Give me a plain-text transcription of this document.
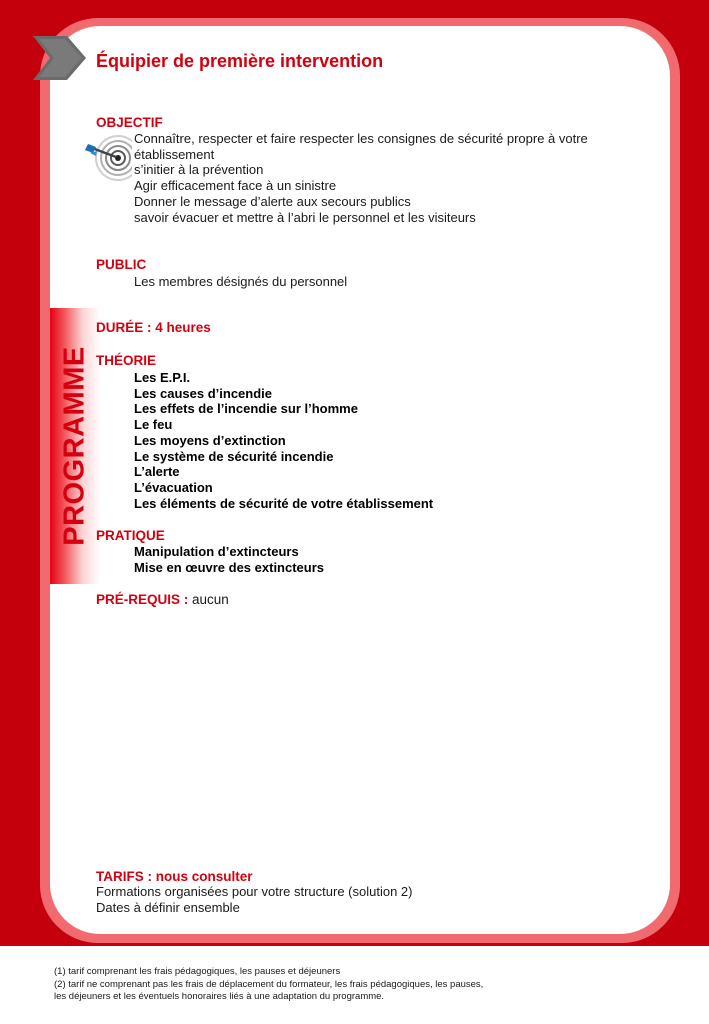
PROGRAMME
Équipier de première intervention
OBJECTIF
Connaître, respecter et faire respecter les consignes de sécurité propre à votre
établissement
s’initier à la prévention
Agir efficacement face à un sinistre
Donner le message d’alerte aux secours publics
savoir évacuer et mettre à l’abri le personnel et les visiteurs
PUBLIC
Les membres désignés du personnel
DURÉE : 4 heures
THÉORIE
Les E.P.I.
Les causes d’incendie
Les effets de l’incendie sur l’homme
Le feu
Les moyens d’extinction
Le système de sécurité incendie
L’alerte
L’évacuation
Les éléments de sécurité de votre établissement
PRATIQUE
Manipulation d’extincteurs
Mise en œuvre des extincteurs
PRÉ-REQUIS : aucun
TARIFS : nous consulter
Formations organisées pour votre structure (solution 2)
Dates à définir ensemble
(1) tarif comprenant les frais pédagogiques, les pauses et déjeuners
(2) tarif ne comprenant pas les frais de déplacement du formateur, les frais pédagogiques, les pauses,
les déjeuners et les éventuels honoraires liés à une adaptation du programme.
